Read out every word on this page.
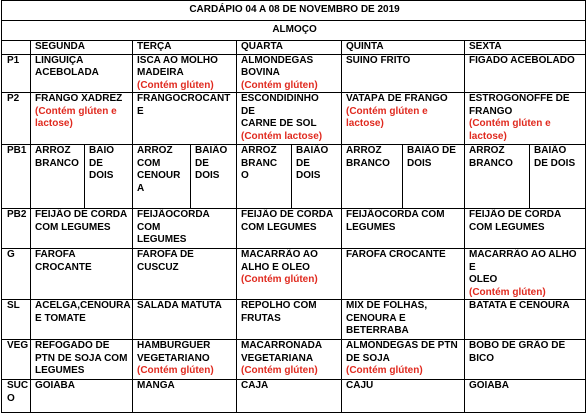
CARDÁPIO 04 A 08 DE NOVEMBRO DE 2019										
ALMOÇO										
	SEGUNDA		TERÇA		QUARTA		QUINTA		SEXTA	
P1	LINGUIÇA
ACEBOLADA		ISCA AO MOLHO
MADEIRA
(Contém glúten)		ALMONDEGAS
BOVINA
(Contém glúten)		SUINO FRITO		FIGADO ACEBOLADO	

P2	FRANGO XADREZ
(Contém glúten e
lactose)		FRANGOCROCANTE		ESCONDIDINHO
DE
CARNE DE SOL
(Contém lactose)		VATAPÁ DE FRANGO
(Contém glúten e
lactose)		ESTROGONOFFE DE
FRANGO
(Contém glúten e
lactose)	

PB1	ARROZ
BRANCO	BAIO
DE
DOIS	ARROZ
COM
CENOUR
A	BAIÃO
DE
DOIS	ARROZ
BRANC
O	BAIÃO
DE
DOIS	ARROZ
BRANCO	BAIÃO DE
DOIS	ARROZ
BRANCO	BAIÃO
DE DOIS

PB2	FEIJÃO DE CORDA
COM LEGUMES		FEIJÃOCORDA COM
LEGUMES		FEIJÃO DE CORDA
COM LEGUMES		FEIJÃOCORDA COM
LEGUMES		FEIJÃO DE CORDA
COM LEGUMES	

G	FAROFA
CROCANTE		FAROFA DE CUSCUZ		MACARRÃO AO
ALHO E OLEO
(Contém glúten)		FAROFA CROCANTE		MACARRÃO AO ALHO E
OLEO
(Contém glúten)	

SL	ACELGA,CENOURA
E TOMATE		SALADA MATUTA		REPOLHO COM
FRUTAS		MIX DE FOLHAS,
CENOURA E
BETERRABA		BATATA E CENOURA	

VEG	REFOGADO DE
PTN DE SOJA COM
LEGUMES		HAMBURGUER
VEGETARIANO
(Contém glúten)		MACARRONADA
VEGETARIANA
(Contém glúten)		ALMONDEGAS DE PTN
DE SOJA
(Contém glúten)		BOBO DE GRÃO DE BICO	

SUC
O	GOIABA		MANGA		CAJA		CAJU		GOIABA	
